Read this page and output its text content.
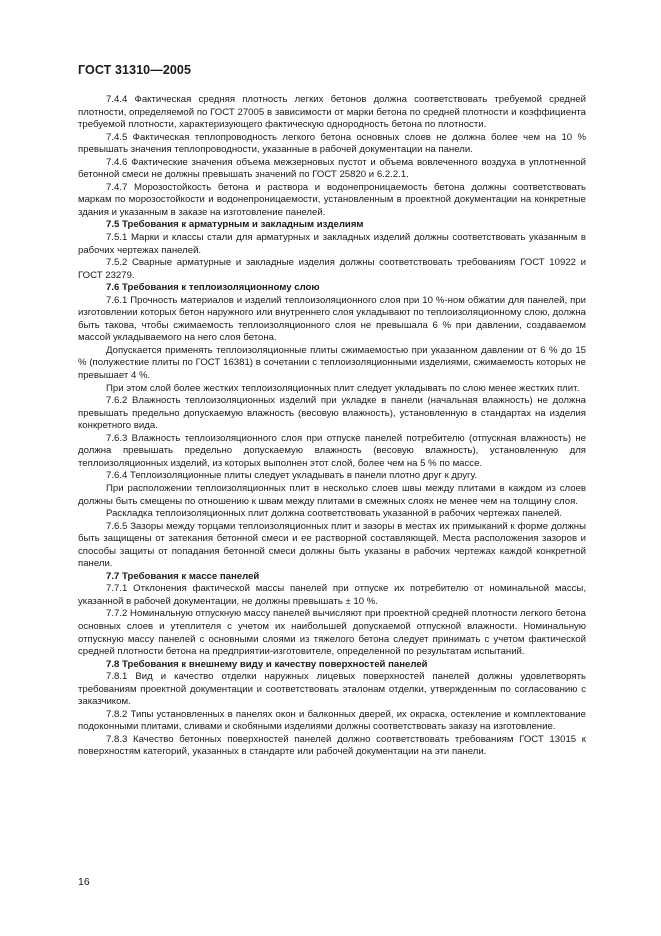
ГОСТ 31310—2005

7.4.4 Фактическая средняя плотность легких бетонов должна соответствовать требуемой средней плотности, определяемой по ГОСТ 27005 в зависимости от марки бетона по средней плотности и коэффициента требуемой плотности, характеризующего фактическую однородность бетона по плотности.

7.4.5 Фактическая теплопроводность легкого бетона основных слоев не должна более чем на 10 % превышать значения теплопроводности, указанные в рабочей документации на панели.

7.4.6 Фактические значения объема межзерновых пустот и объема вовлеченного воздуха в уплотненной бетонной смеси не должны превышать значений по ГОСТ 25820 и 6.2.2.1.

7.4.7 Морозостойкость бетона и раствора и водонепроницаемость бетона должны соответствовать маркам по морозостойкости и водонепроницаемости, установленным в проектной документации на конкретные здания и указанным в заказе на изготовление панелей.

7.5 Требования к арматурным и закладным изделиям

7.5.1 Марки и классы стали для арматурных и закладных изделий должны соответствовать указанным в рабочих чертежах панелей.

7.5.2 Сварные арматурные и закладные изделия должны соответствовать требованиям ГОСТ 10922 и ГОСТ 23279.

7.6 Требования к теплоизоляционному слою

7.6.1 Прочность материалов и изделий теплоизоляционного слоя при 10 %-ном обжатии для панелей, при изготовлении которых бетон наружного или внутреннего слоя укладывают по теплоизоляционному слою, должна быть такова, чтобы сжимаемость теплоизоляционного слоя не превышала 6 % при давлении, создаваемом массой укладываемого на него слоя бетона.

Допускается применять теплоизоляционные плиты сжимаемостью при указанном давлении от 6 % до 15 % (полужесткие плиты по ГОСТ 16381) в сочетании с теплоизоляционными изделиями, сжимаемость которых не превышает 4 %.

При этом слой более жестких теплоизоляционных плит следует укладывать по слою менее жестких плит.

7.6.2 Влажность теплоизоляционных изделий при укладке в панели (начальная влажность) не должна превышать предельно допускаемую влажность (весовую влажность), установленную в стандартах на изделия конкретного вида.

7.6.3 Влажность теплоизоляционного слоя при отпуске панелей потребителю (отпускная влажность) не должна превышать предельно допускаемую влажность (весовую влажность), установленную для теплоизоляционных изделий, из которых выполнен этот слой, более чем на 5 % по массе.

7.6.4 Теплоизоляционные плиты следует укладывать в панели плотно друг к другу.

При расположении теплоизоляционных плит в несколько слоев швы между плитами в каждом из слоев должны быть смещены по отношению к швам между плитами в смежных слоях не менее чем на толщину слоя.

Раскладка теплоизоляционных плит должна соответствовать указанной в рабочих чертежах панелей.

7.6.5 Зазоры между торцами теплоизоляционных плит и зазоры в местах их примыканий к форме должны быть защищены от затекания бетонной смеси и ее растворной составляющей. Места расположения зазоров и способы защиты от попадания бетонной смеси должны быть указаны в рабочих чертежах каждой конкретной панели.

7.7 Требования к массе панелей

7.7.1 Отклонения фактической массы панелей при отпуске их потребителю от номинальной массы, указанной в рабочей документации, не должны превышать ± 10 %.

7.7.2 Номинальную отпускную массу панелей вычисляют при проектной средней плотности легкого бетона основных слоев и утеплителя с учетом их наибольшей допускаемой отпускной влажности. Номинальную отпускную массу панелей с основными слоями из тяжелого бетона следует принимать с учетом фактической средней плотности бетона на предприятии-изготовителе, определенной по результатам испытаний.

7.8 Требования к внешнему виду и качеству поверхностей панелей

7.8.1 Вид и качество отделки наружных лицевых поверхностей панелей должны удовлетворять требованиям проектной документации и соответствовать эталонам отделки, утвержденным по согласованию с заказчиком.

7.8.2 Типы установленных в панелях окон и балконных дверей, их окраска, остекление и комплектование подоконными плитами, сливами и скобяными изделиями должны соответствовать заказу на изготовление.

7.8.3 Качество бетонных поверхностей панелей должно соответствовать требованиям ГОСТ 13015 к поверхностям категорий, указанных в стандарте или рабочей документации на эти панели.

16
